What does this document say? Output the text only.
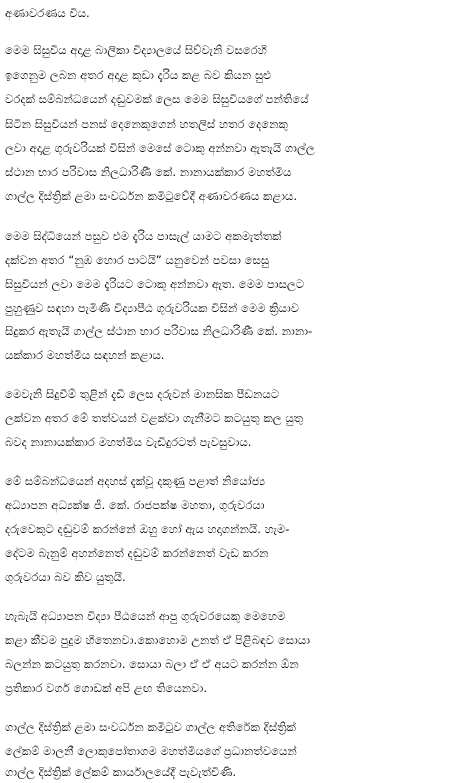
අණාවරණය විය.
මෙම සිසුවිය අදාළ බාලිකා විද්‍යාලයේ සිව්වැනි වසරෙහි
ඉගෙනුම ලබන අතර අදාළ කුඩා දැරිය කළ බව කියන සුළු
වරදක් සම්බන්ධයෙන් දඬුවමක් ලෙස මෙම සිසුවියගේ පන්තියේ
සිටින සිසුවියන් පනස් දෙනෙකුගෙන් හතලිස් හතර දෙනෙකු
ලවා අදාළ ගුරුවරියක් විසින් මෙසේ ටොකු අන්නවා ඇතැයි ගාල්ල
ස්ථාන භාර පරිවාස නිලධාරිණී කේ. නානායක්කාර මහත්මිය
ගාල්ල දිස්ත්‍රික් ළමා සංවර්ධන කමිටුවේදී අණාවරණය කළාය.
මෙම සිද්ධියෙන් පසුව එම දැරිය පාසැල් යාමට අකමැත්තක්
දක්වන අතර “නුඹ හොර පාටයි” යනුවෙන් පවසා සෙසු
සිසුවියන් ලවා මෙම දැරියට ටොකු අන්නවා ඇත. මෙම පාසලට
පුහුණුව සඳහා පැමිණි විද්‍යාපීඨ ගුරුවරියක විසින් මෙම ක්‍රියාව
සිදුකර ඇතැයි ගාල්ල ස්ථාන භාර පරිවාස නිලධාරිණී කේ. නානා-
යක්කාර මහත්මිය සඳහන් කළාය.
මෙවැනි සිදුවීම් තුළින් දැඩි ලෙස දරුවන් මානසික පීඩනයට
ලක්වන අතර මේ තත්වයන් වළක්වා ගැනීමට කටයුතු කල යුතු
බවද නානායක්කාර මහත්මිය වැඩිදුරටත් පැවසුවාය.
මේ සම්බන්ධයෙන් අදහස් දැක්වූ දකුණු පළාත් නියෝජ්‍ය
අධ්‍යාපන අධ්‍යක්ෂ ජී. කේ. රාජපක්ෂ මහතා, ගුරුවරයා
දරුවෙකුට දඬුවම් කරන්නේ ඔහු හෝ ඇය හදාගන්නයි. හැම-
දේටම බැනුම් අහන්නෙත් දඬුවම් කරන්නෙත් වැඩ කරන
ගුරුවරයා බව කිව යුතුයි.
හැබැයි අධ්‍යාපන විද්‍යා පීඨයෙන් ආපු ගුරුවරයෙකු මෙහෙම
කළා කීවම පුදුම හිතෙනවා.කොහොම උනත් ඒ පිළිබඳව සොයා
බලන්න කටයුතු කරනවා. සොයා බලා ඒ ඒ අයට කරන්න ඕන
ප්‍රතිකාර වර්ග ගොඩක් අපි ළඟ තියෙනවා.
ගාල්ල දිස්ත්‍රික් ළමා සංවර්ධන කමිටුව ගාල්ල අතිරේක දිස්ත්‍රික්
ලේකම් මාලනී ලොකුපෝතාගම මහත්මියගේ ප්‍රධානත්වයෙන්
ගාල්ල දිස්ත්‍රික් ලේකම් කාර්යාලයේදී පැවැත්විණි.
